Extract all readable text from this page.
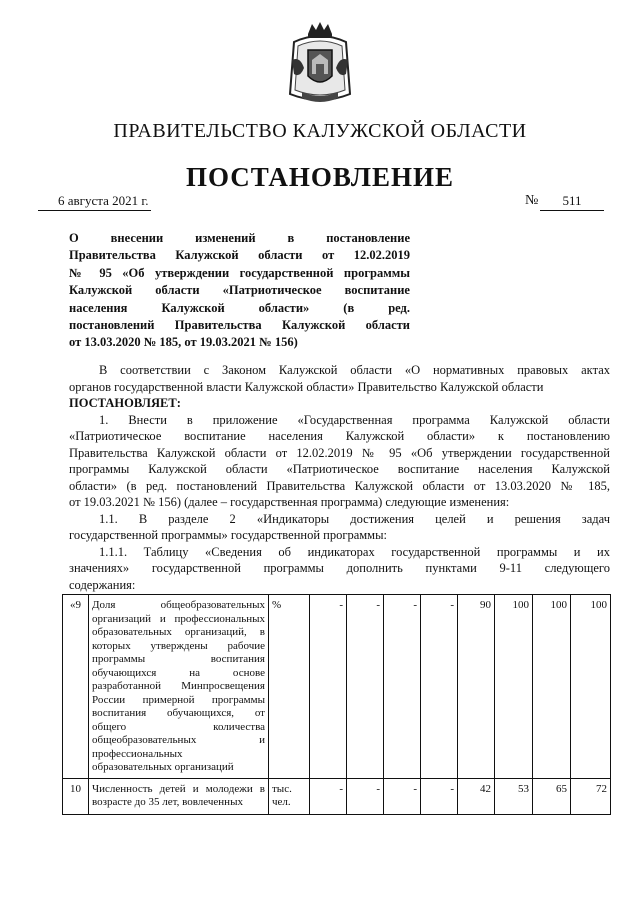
ПРАВИТЕЛЬСТВО КАЛУЖСКОЙ ОБЛАСТИ
ПОСТАНОВЛЕНИЕ
6 августа 2021 г.	№	511
О внесении изменений в постановление
Правительства Калужской области от 12.02.2019
№ 95 «Об утверждении государственной программы
Калужской области «Патриотическое воспитание
населения Калужской области» (в ред.
постановлений Правительства Калужской области
от 13.03.2020 № 185, от 19.03.2021 № 156)
В соответствии с Законом Калужской области «О нормативных правовых актах
органов государственной власти Калужской области» Правительство Калужской области
ПОСТАНОВЛЯЕТ:
1. Внести в приложение «Государственная программа Калужской области
«Патриотическое воспитание населения Калужской области» к постановлению
Правительства Калужской области от 12.02.2019 № 95 «Об утверждении государственной
программы Калужской области «Патриотическое воспитание населения Калужской
области» (в ред. постановлений Правительства Калужской области от 13.03.2020 № 185,
от 19.03.2021 № 156) (далее – государственная программа) следующие изменения:
1.1. В разделе 2 «Индикаторы достижения целей и решения задач
государственной программы» государственной программы:
1.1.1. Таблицу «Сведения об индикаторах государственной программы и их
значениях» государственной программы дополнить пунктами 9-11 следующего
содержания:
«9	Доля общеобразовательных организаций и профессиональных образовательных организаций, в которых утверждены рабочие программы воспитания обучающихся на основе разработанной Минпросвещения России примерной программы воспитания обучающихся, от общего количества общеобразовательных и профессиональных образовательных организаций	%	-	-	-	-	90	100	100	100
10	Численность детей и молодежи в возрасте до 35 лет, вовлеченных	тыс. чел.	-	-	-	-	42	53	65	72
